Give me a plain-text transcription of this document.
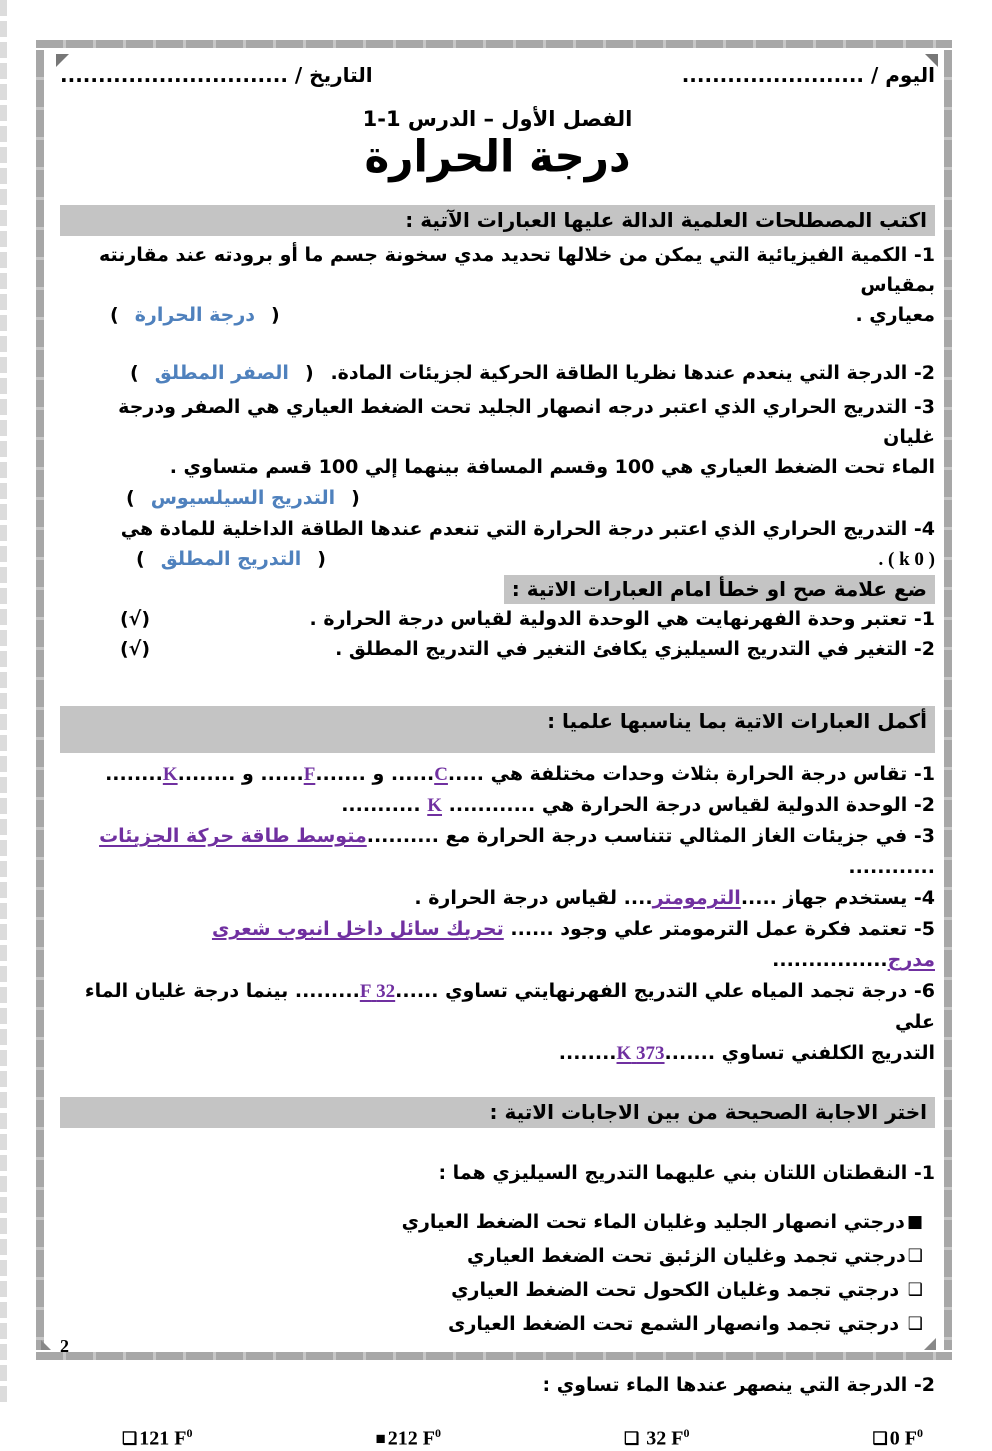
2
اليوم / ........................
التاريخ / ..............................
الفصل الأول – الدرس 1-1
درجة الحرارة
اكتب المصطلحات العلمية الدالة عليها العبارات الآتية :
1- الكمية الفيزيائية التي يمكن من خلالها تحديد مدي سخونة جسم ما أو برودته عند مقارنته بمقياس
معياري .
(درجة الحرارة)
2- الدرجة التي ينعدم عندها نظريا الطاقة الحركية لجزيئات المادة.
(الصفر المطلق)
3- التدريج الحراري الذي اعتبر درجه انصهار الجليد تحت الضغط العياري هي الصفر ودرجة غليان
الماء تحت الضغط العياري هي 100 وقسم المسافة بينهما إلي 100 قسم متساوي .
(التدريج السيلسيوس)
4- التدريج الحراري الذي اعتبر درجة الحرارة التي تنعدم عندها الطاقة الداخلية للمادة هي
( 0 k ) .
(التدريج المطلق)
ضع علامة صح او خطأ امام العبارات الاتية :
1- تعتبر وحدة الفهرنهايت هي الوحدة الدولية لقياس درجة الحرارة .
(√)
2- التغير في التدريج السيليزي يكافئ التغير في التدريج المطلق .
(√)
أكمل العبارات الاتية بما يناسبها علميا :
1- تقاس درجة الحرارة بثلاث وحدات مختلفة هي .....C...... و .......F...... و ........K........
2- الوحدة الدولية لقياس درجة الحرارة هي ............ K ...........
3- في جزيئات الغاز المثالي تتناسب درجة الحرارة مع ..........متوسط طاقة حركة الجزيئات ............
4- يستخدم جهاز .....الترمومتر.... لقياس درجة الحرارة .
5- تعتمد فكرة عمل الترمومتر علي وجود ...... تحريك سائل داخل انبوب شعرى مدرج................
6- درجة تجمد المياه علي التدريج الفهرنهايتي تساوي ......32 F......... بينما درجة غليان الماء علي
التدريج الكلفني تساوي .......373 K........
اختر الاجابة الصحيحة من بين الاجابات الاتية :
1- النقطتان اللتان بني عليهما التدريج السيليزي هما :
■درجتي انصهار الجليد وغليان الماء تحت الضغط العياري
❑درجتي تجمد وغليان الزئبق تحت الضغط العياري
❑ درجتي تجمد وغليان الكحول تحت الضغط العياري
❑ درجتي تجمد وانصهار الشمع تحت الضغط العيارى
2- الدرجة التي ينصهر عندها الماء تساوي :
❑ 121 $F^0$	■ 212 $F^0$	❑ 32 $F^0$	❑ 0 $F^0$
